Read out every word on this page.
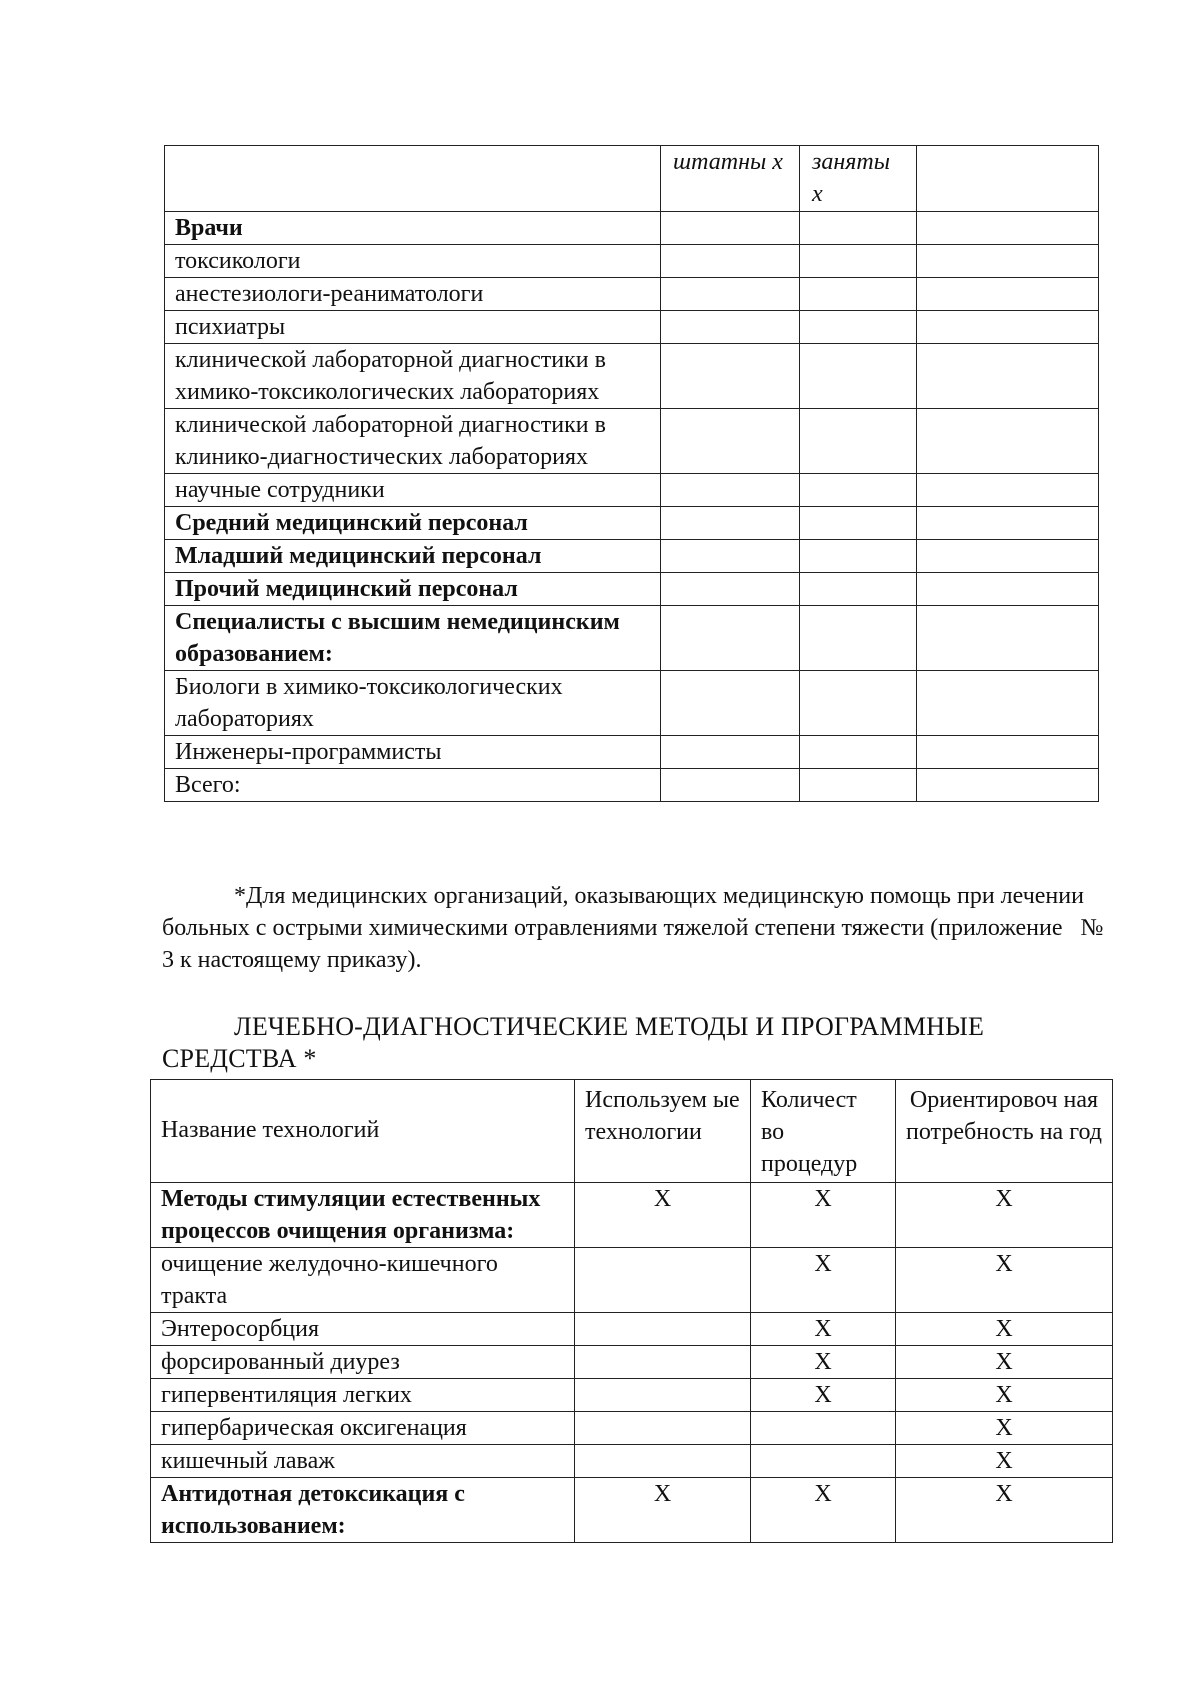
	штатны х	заняты х	
Врачи			
токсикологи			
анестезиологи-реаниматологи			
психиатры			
клинической лабораторной диагностики в химико-токсикологических лабораториях			
клинической лабораторной диагностики в клинико-диагностических лабораториях			
научные сотрудники			
Средний медицинский персонал			
Младший медицинский персонал			
Прочий медицинский персонал			
Специалисты с высшим немедицинским образованием:			
Биологи в химико-токсикологических лабораториях			
Инженеры-программисты			
Всего:			

*Для медицинских организаций, оказывающих медицинскую помощь при лечении больных с острыми химическими отравлениями тяжелой степени тяжести (приложение № 3 к настоящему приказу).

ЛЕЧЕБНО-ДИАГНОСТИЧЕСКИЕ МЕТОДЫ И ПРОГРАММНЫЕ
СРЕДСТВА *
Название технологий	Используем ые технологии	Количест во процедур	Ориентировоч ная потребность на год
Методы стимуляции естественных процессов очищения организма:	Х	Х	Х
очищение желудочно-кишечного тракта		Х	Х
Энтеросорбция		Х	Х
форсированный диурез		Х	Х
гипервентиляция легких		Х	Х
гипербарическая оксигенация			Х
кишечный лаваж			Х
Антидотная детоксикация с использованием:	Х	Х	Х
